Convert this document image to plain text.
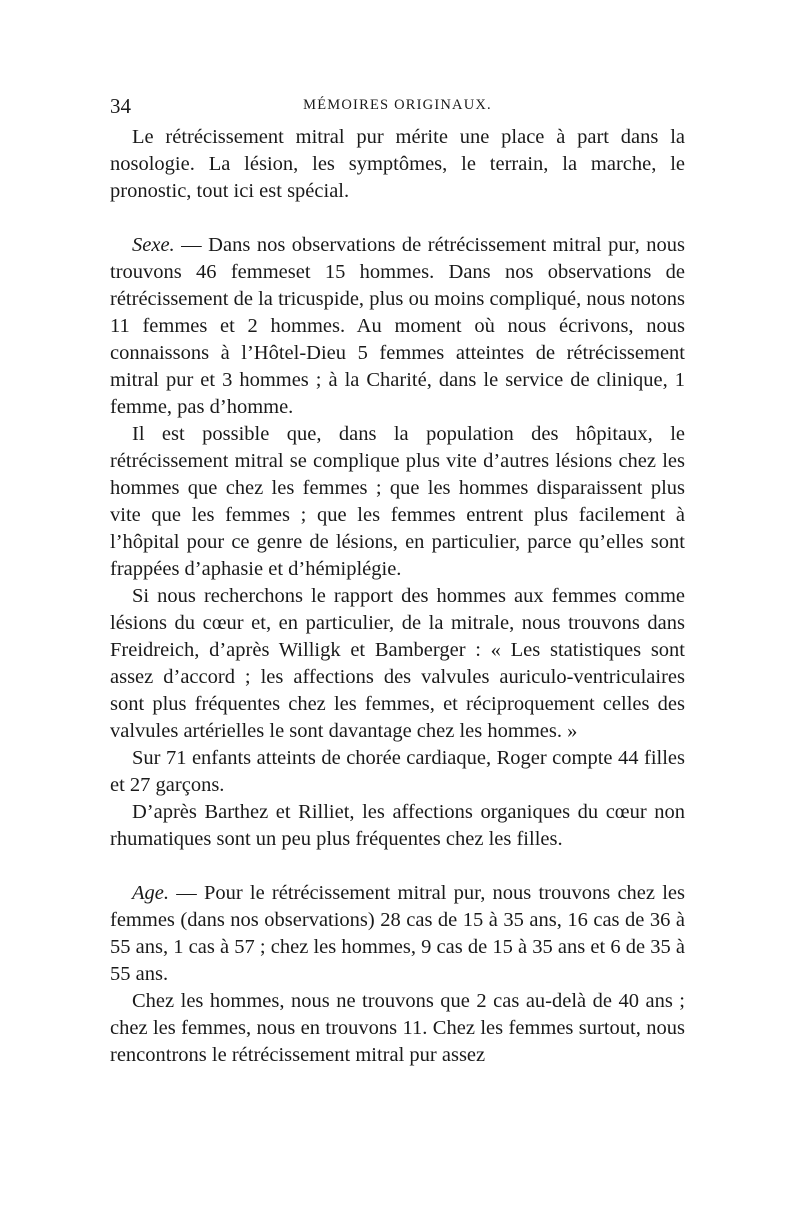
34	MÉMOIRES ORIGINAUX.

Le rétrécissement mitral pur mérite une place à part dans la nosologie. La lésion, les symptômes, le terrain, la marche, le pronostic, tout ici est spécial.

Sexe. — Dans nos observations de rétrécissement mitral pur, nous trouvons 46 femmeset 15 hommes. Dans nos observations de rétrécissement de la tricuspide, plus ou moins compliqué, nous notons 11 femmes et 2 hommes. Au moment où nous écrivons, nous connaissons à l’Hôtel-Dieu 5 femmes atteintes de rétrécissement mitral pur et 3 hommes ; à la Charité, dans le service de clinique, 1 femme, pas d’homme.

Il est possible que, dans la population des hôpitaux, le rétrécissement mitral se complique plus vite d’autres lésions chez les hommes que chez les femmes ; que les hommes disparaissent plus vite que les femmes ; que les femmes entrent plus facilement à l’hôpital pour ce genre de lésions, en particulier, parce qu’elles sont frappées d’aphasie et d’hémiplégie.

Si nous recherchons le rapport des hommes aux femmes comme lésions du cœur et, en particulier, de la mitrale, nous trouvons dans Freidreich, d’après Willigk et Bamberger : « Les statistiques sont assez d’accord ; les affections des valvules auriculo-ventriculaires sont plus fréquentes chez les femmes, et réciproquement celles des valvules artérielles le sont davantage chez les hommes. »

Sur 71 enfants atteints de chorée cardiaque, Roger compte 44 filles et 27 garçons.

D’après Barthez et Rilliet, les affections organiques du cœur non rhumatiques sont un peu plus fréquentes chez les filles.

Age. — Pour le rétrécissement mitral pur, nous trouvons chez les femmes (dans nos observations) 28 cas de 15 à 35 ans, 16 cas de 36 à 55 ans, 1 cas à 57 ; chez les hommes, 9 cas de 15 à 35 ans et 6 de 35 à 55 ans.

Chez les hommes, nous ne trouvons que 2 cas au-delà de 40 ans ; chez les femmes, nous en trouvons 11. Chez les femmes surtout, nous rencontrons le rétrécissement mitral pur assez
